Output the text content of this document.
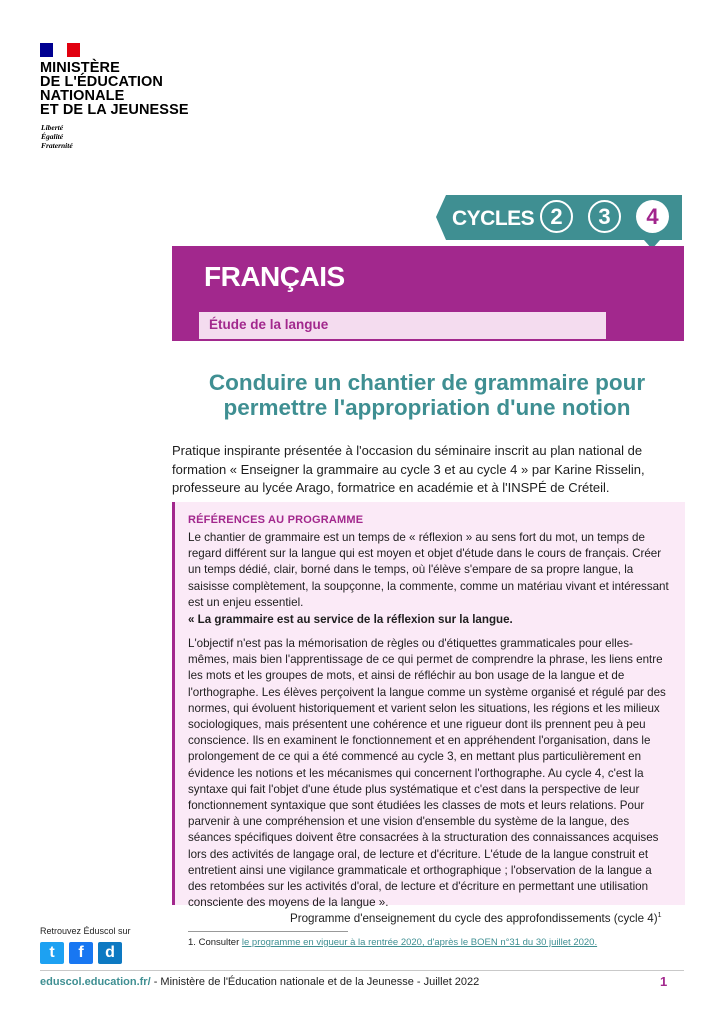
MINISTÈRE
DE L'ÉDUCATION
NATIONALE
ET DE LA JEUNESSE
Liberté
Égalité
Fraternité
CYCLES 2	3	4
FRANÇAIS
Étude de la langue
Conduire un chantier de grammaire pour permettre l'appropriation d'une notion
Pratique inspirante présentée à l'occasion du séminaire inscrit au plan national de formation « Enseigner la grammaire au cycle 3 et au cycle 4 » par Karine Risselin, professeure au lycée Arago, formatrice en académie et à l'INSPÉ de Créteil.
RÉFÉRENCES AU PROGRAMME
Le chantier de grammaire est un temps de « réflexion » au sens fort du mot, un temps de regard différent sur la langue qui est moyen et objet d'étude dans le cours de français. Créer un temps dédié, clair, borné dans le temps, où l'élève s'empare de sa propre langue, la saisisse complètement, la soupçonne, la commente, comme un matériau vivant et intéressant est un enjeu essentiel.
« La grammaire est au service de la réflexion sur la langue.
L'objectif n'est pas la mémorisation de règles ou d'étiquettes grammaticales pour elles-mêmes, mais bien l'apprentissage de ce qui permet de comprendre la phrase, les liens entre les mots et les groupes de mots, et ainsi de réfléchir au bon usage de la langue et de l'orthographe. Les élèves perçoivent la langue comme un système organisé et régulé par des normes, qui évoluent historiquement et varient selon les situations, les régions et les milieux sociologiques, mais présentent une cohérence et une rigueur dont ils prennent peu à peu conscience. Ils en examinent le fonctionnement et en appréhendent l'organisation, dans le prolongement de ce qui a été commencé au cycle 3, en mettant plus particulièrement en évidence les notions et les mécanismes qui concernent l'orthographe. Au cycle 4, c'est la syntaxe qui fait l'objet d'une étude plus systématique et c'est dans la perspective de leur fonctionnement syntaxique que sont étudiées les classes de mots et leurs relations. Pour parvenir à une compréhension et une vision d'ensemble du système de la langue, des séances spécifiques doivent être consacrées à la structuration des connaissances acquises lors des activités de langage oral, de lecture et d'écriture. L'étude de la langue construit et entretient ainsi une vigilance grammaticale et orthographique ; l'observation de la langue a des retombées sur les activités d'oral, de lecture et d'écriture en permettant une utilisation consciente des moyens de la langue ».
Programme d'enseignement du cycle des approfondissements (cycle 4)$^1$
1. Consulter le programme en vigueur à la rentrée 2020, d'après le BOEN n°31 du 30 juillet 2020.
Retrouvez Éduscol sur
t	f	d
eduscol.education.fr/ - Ministère de l'Éducation nationale et de la Jeunesse - Juillet 2022	1
